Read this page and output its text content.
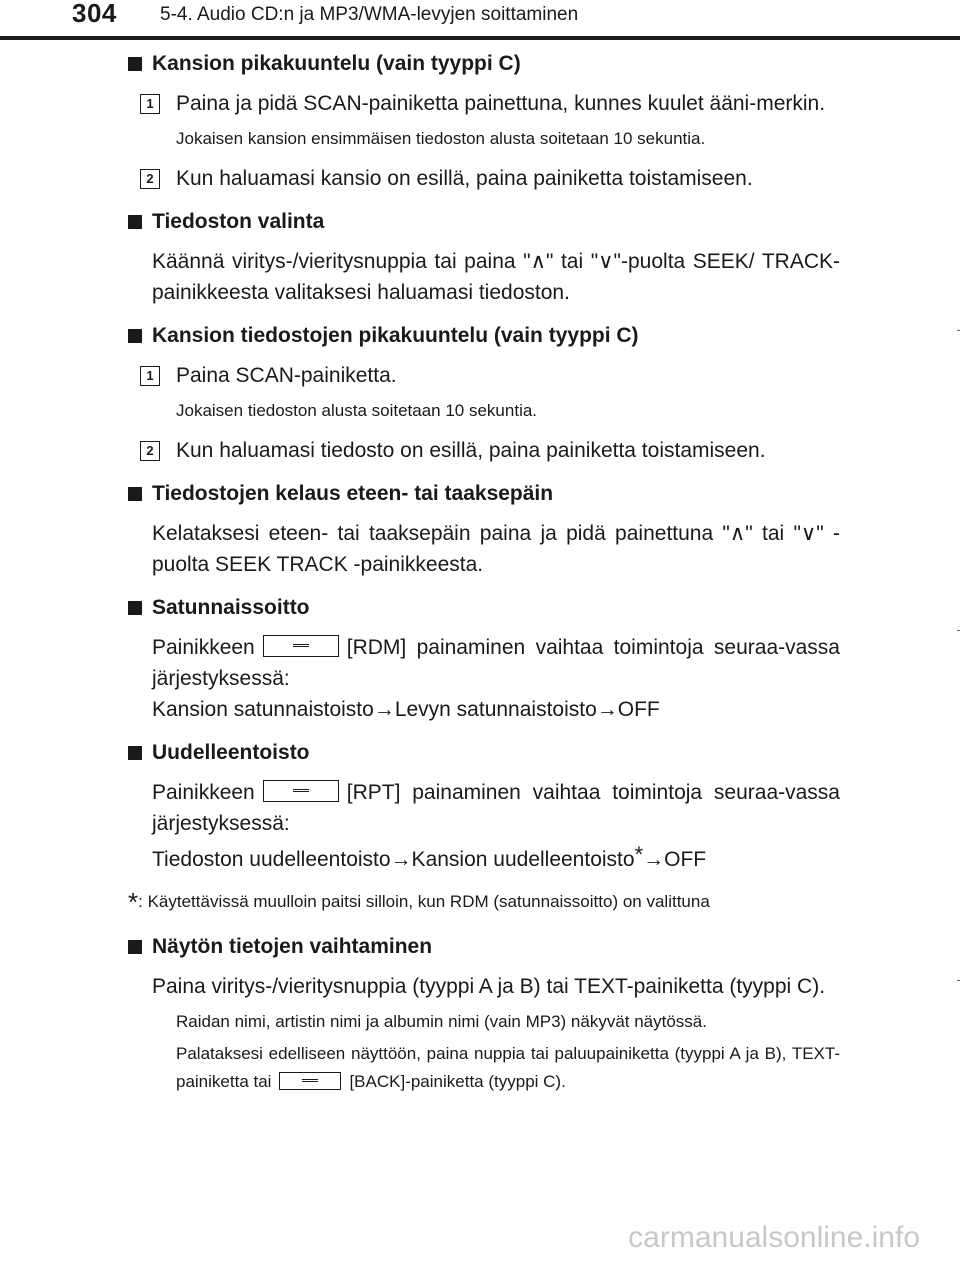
304 5-4. Audio CD:n ja MP3/WMA-levyjen soittaminen
Kansion pikakuuntelu (vain tyyppi C)
1	Paina ja pidä SCAN-painiketta painettuna, kunnes kuulet ääni-merkin.
Jokaisen kansion ensimmäisen tiedoston alusta soitetaan 10 sekuntia.
2	Kun haluamasi kansio on esillä, paina painiketta toistamiseen.
Tiedoston valinta
Käännä viritys-/vieritysnuppia tai paina "∧" tai "∨"-puolta SEEK/ TRACK-painikkeesta valitaksesi haluamasi tiedoston.
Kansion tiedostojen pikakuuntelu (vain tyyppi C)
1	Paina SCAN-painiketta.
Jokaisen tiedoston alusta soitetaan 10 sekuntia.
2	Kun haluamasi tiedosto on esillä, paina painiketta toistamiseen.
Tiedostojen kelaus eteen- tai taaksepäin
Kelataksesi eteen- tai taaksepäin paina ja pidä painettuna "∧" tai "∨" -puolta SEEK TRACK -painikkeesta.
Satunnaissoitto

Painikkeen	[RDM] painaminen vaihtaa toimintoja seuraa-vassa järjestyksessä:

Kansion satunnaistoisto→Levyn satunnaistoisto→OFF

Uudelleentoisto

Painikkeen	[RPT] painaminen vaihtaa toimintoja seuraa-vassa järjestyksessä:

Tiedoston uudelleentoisto→Kansion uudelleentoisto*→OFF

*: Käytettävissä muulloin paitsi silloin, kun RDM (satunnaissoitto) on valittuna
Näytön tietojen vaihtaminen
Paina viritys-/vieritysnuppia (tyyppi A ja B) tai TEXT-painiketta (tyyppi C).

Raidan nimi, artistin nimi ja albumin nimi (vain MP3) näkyvät näytössä.

Palataksesi edelliseen näyttöön, paina nuppia tai paluupainiketta (tyyppi A ja B), TEXT-painiketta tai	[BACK]-painiketta (tyyppi C).

carmanualsonline.info
